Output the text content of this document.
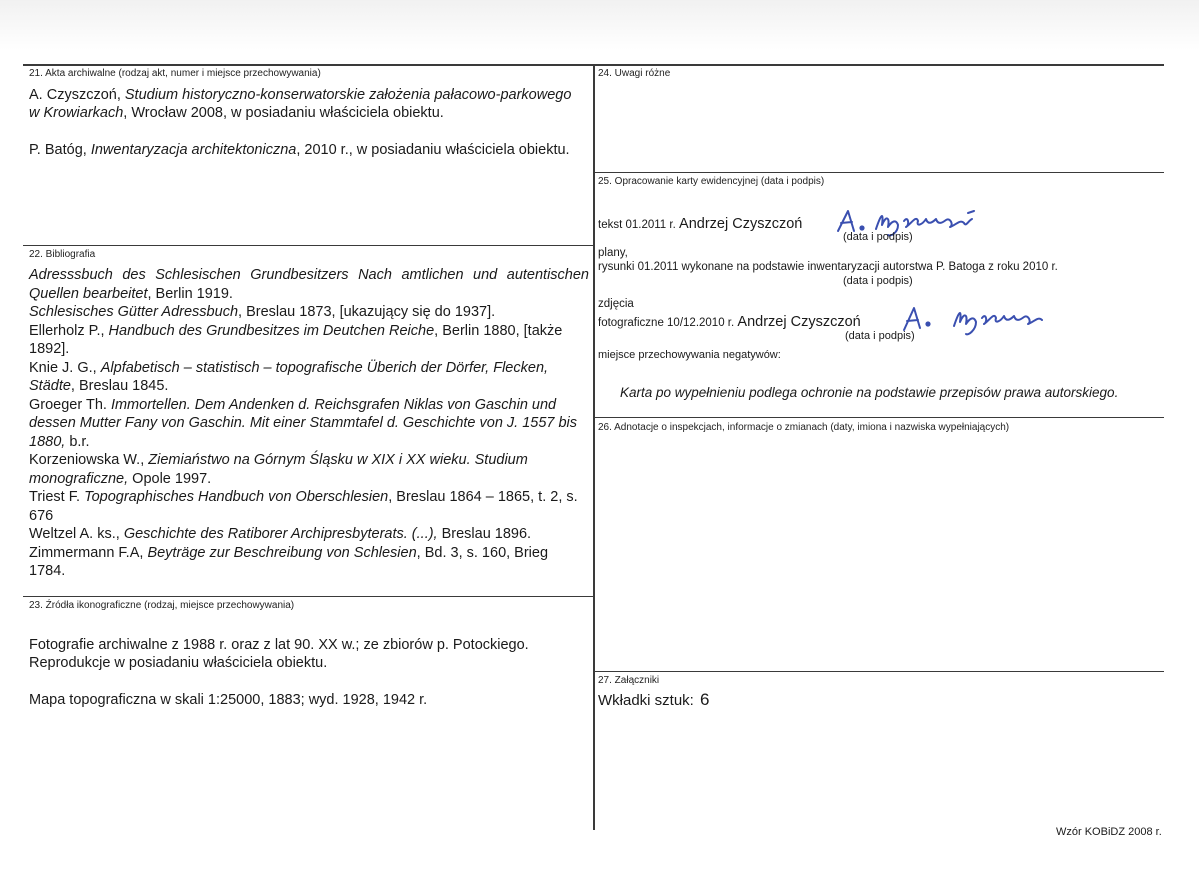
21. Akta archiwalne (rodzaj akt, numer i miejsce przechowywania)
A. Czyszczoń, Studium historyczno-konserwatorskie założenia pałacowo-parkowego w Krowiarkach, Wrocław 2008, w posiadaniu właściciela obiektu.
P. Batóg, Inwentaryzacja architektoniczna, 2010 r., w posiadaniu właściciela obiektu.
22. Bibliografia

Adresssbuch des Schlesischen Grundbesitzers Nach amtlichen und autentischen Quellen bearbeitet, Berlin 1919.

Schlesisches Gütter Adressbuch, Breslau 1873, [ukazujący się do 1937].

Ellerholz P., Handbuch des Grundbesitzes im Deutchen Reiche, Berlin 1880, [także 1892].

Knie J. G., Alpfabetisch – statistisch – topografische Überich der Dörfer, Flecken, Städte, Breslau 1845.

Groeger Th. Immortellen. Dem Andenken d. Reichsgrafen Niklas von Gaschin und dessen Mutter Fany von Gaschin. Mit einer Stammtafel d. Geschichte von J. 1557 bis 1880, b.r.

Korzeniowska W., Ziemiaństwo na Górnym Śląsku w XIX i XX wieku. Studium monograficzne, Opole 1997.

Triest F. Topographisches Handbuch von Oberschlesien, Breslau 1864 – 1865, t. 2, s. 676

Weltzel A. ks., Geschichte des Ratiborer Archipresbyterats. (...), Breslau 1896.

Zimmermann F.A, Beyträge zur Beschreibung von Schlesien, Bd. 3, s. 160, Brieg 1784.

23. Źródła ikonograficzne (rodzaj, miejsce przechowywania)
Fotografie archiwalne z 1988 r. oraz z lat 90. XX w.; ze zbiorów p. Potockiego. Reprodukcje w posiadaniu właściciela obiektu.
Mapa topograficzna w skali 1:25000, 1883; wyd. 1928, 1942 r.
24. Uwagi różne
25. Opracowanie karty ewidencyjnej (data i podpis)
tekst 01.2011 r. Andrzej Czyszczoń
(data i podpis)
plany,
rysunki 01.2011 wykonane na podstawie inwentaryzacji autorstwa P. Batoga z roku 2010 r.
(data i podpis)
zdjęcia
fotograficzne 10/12.2010 r. Andrzej Czyszczoń
(data i podpis)
miejsce przechowywania negatywów:
Karta po wypełnieniu podlega ochronie na podstawie przepisów prawa autorskiego.
26. Adnotacje o inspekcjach, informacje o zmianach (daty, imiona i nazwiska wypełniających)
27. Załączniki
Wkładki sztuk: 6
Wzór KOBiDZ 2008 r.
